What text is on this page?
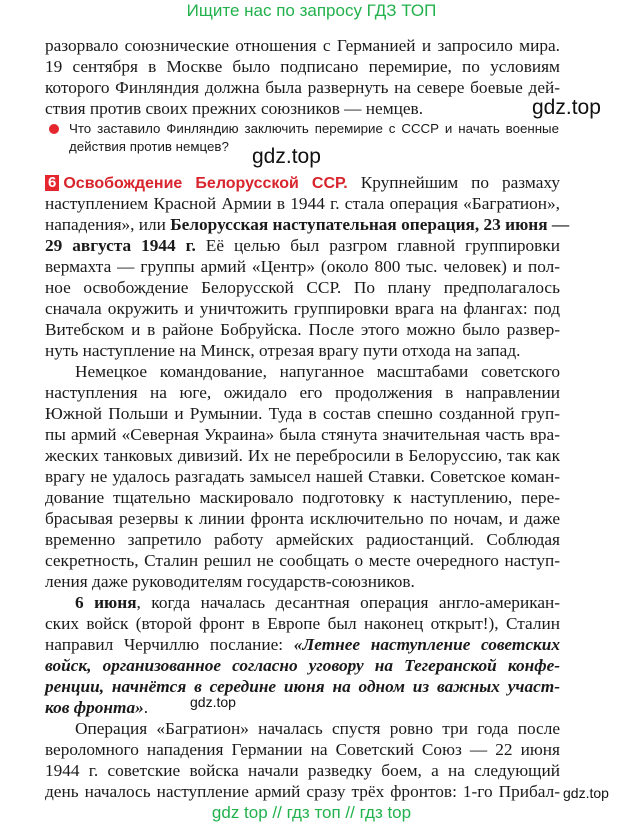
Ищите нас по запросу ГДЗ ТОП
разорвало союзнические отношения с Германией и запросило мира.
19 сентября в Москве было подписано перемирие, по условиям
которого Финляндия должна была развернуть на севере боевые дей-
ствия против своих прежних союзников — немцев.	gdz.top
Что заставило Финляндию заключить перемирие с СССР и начать военные
действия против немцев? gdz.top
6 Освобождение Белорусской ССР. Крупнейшим по размаху
наступлением Красной Армии в 1944 г. стала операция «Багратион»,
нападения», или Белорусская наступательная операция, 23 июня —
29 августа 1944 г. Её целью был разгром главной группировки
вермахта — группы армий «Центр» (около 800 тыс. человек) и пол-
ное освобождение Белорусской ССР. По плану предполагалось
сначала окружить и уничтожить группировки врага на флангах: под
Витебском и в районе Бобруйска. После этого можно было развер-
нуть наступление на Минск, отрезая врагу пути отхода на запад.
Немецкое командование, напуганное масштабами советского
наступления на юге, ожидало его продолжения в направлении
Южной Польши и Румынии. Туда в состав спешно созданной груп-
пы армий «Северная Украина» была стянута значительная часть вра-
жеских танковых дивизий. Их не перебросили в Белоруссию, так как
врагу не удалось разгадать замысел нашей Ставки. Советское коман-
дование тщательно маскировало подготовку к наступлению, пере-
брасывая резервы к линии фронта исключительно по ночам, и даже
временно запретило работу армейских радиостанций. Соблюдая
секретность, Сталин решил не сообщать о месте очередного наступ-
ления даже руководителям государств-союзников.
6 июня, когда началась десантная операция англо-американ-
ских войск (второй фронт в Европе был наконец открыт!), Сталин
направил Черчиллю послание: «Летнее наступление советских
войск, организованное согласно уговору на Тегеранской конфе-
ренции, начнётся в середине июня на одном из важных участ-
ков фронта».	gdz.top
Операция «Багратион» началась спустя ровно три года после
вероломного нападения Германии на Советский Союз — 22 июня
1944 г. советские войска начали разведку боем, а на следующий
день началось наступление армий сразу трёх фронтов: 1-го Прибал- gdz.top
gdz top // гдз топ // гдз top
